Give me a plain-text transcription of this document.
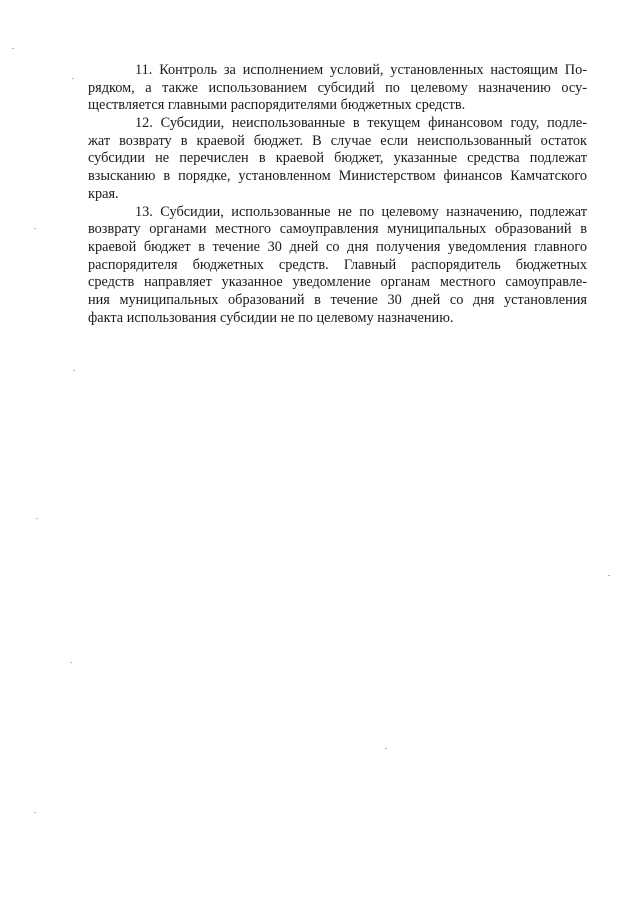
11. Контроль за исполнением условий, установленных настоящим По-
рядком, а также использованием субсидий по целевому назначению осу-
ществляется главными распорядителями бюджетных средств.

12. Субсидии, неиспользованные в текущем финансовом году, подле-
жат возврату в краевой бюджет. В случае если неиспользованный остаток
субсидии не перечислен в краевой бюджет, указанные средства подлежат
взысканию в порядке, установленном Министерством финансов Камчатского
края.

13. Субсидии, использованные не по целевому назначению, подлежат
возврату органами местного самоуправления муниципальных образований в
краевой бюджет в течение 30 дней со дня получения уведомления главного
распорядителя бюджетных средств. Главный распорядитель бюджетных
средств направляет указанное уведомление органам местного самоуправле-
ния муниципальных образований в течение 30 дней со дня установления
факта использования субсидии не по целевому назначению.
